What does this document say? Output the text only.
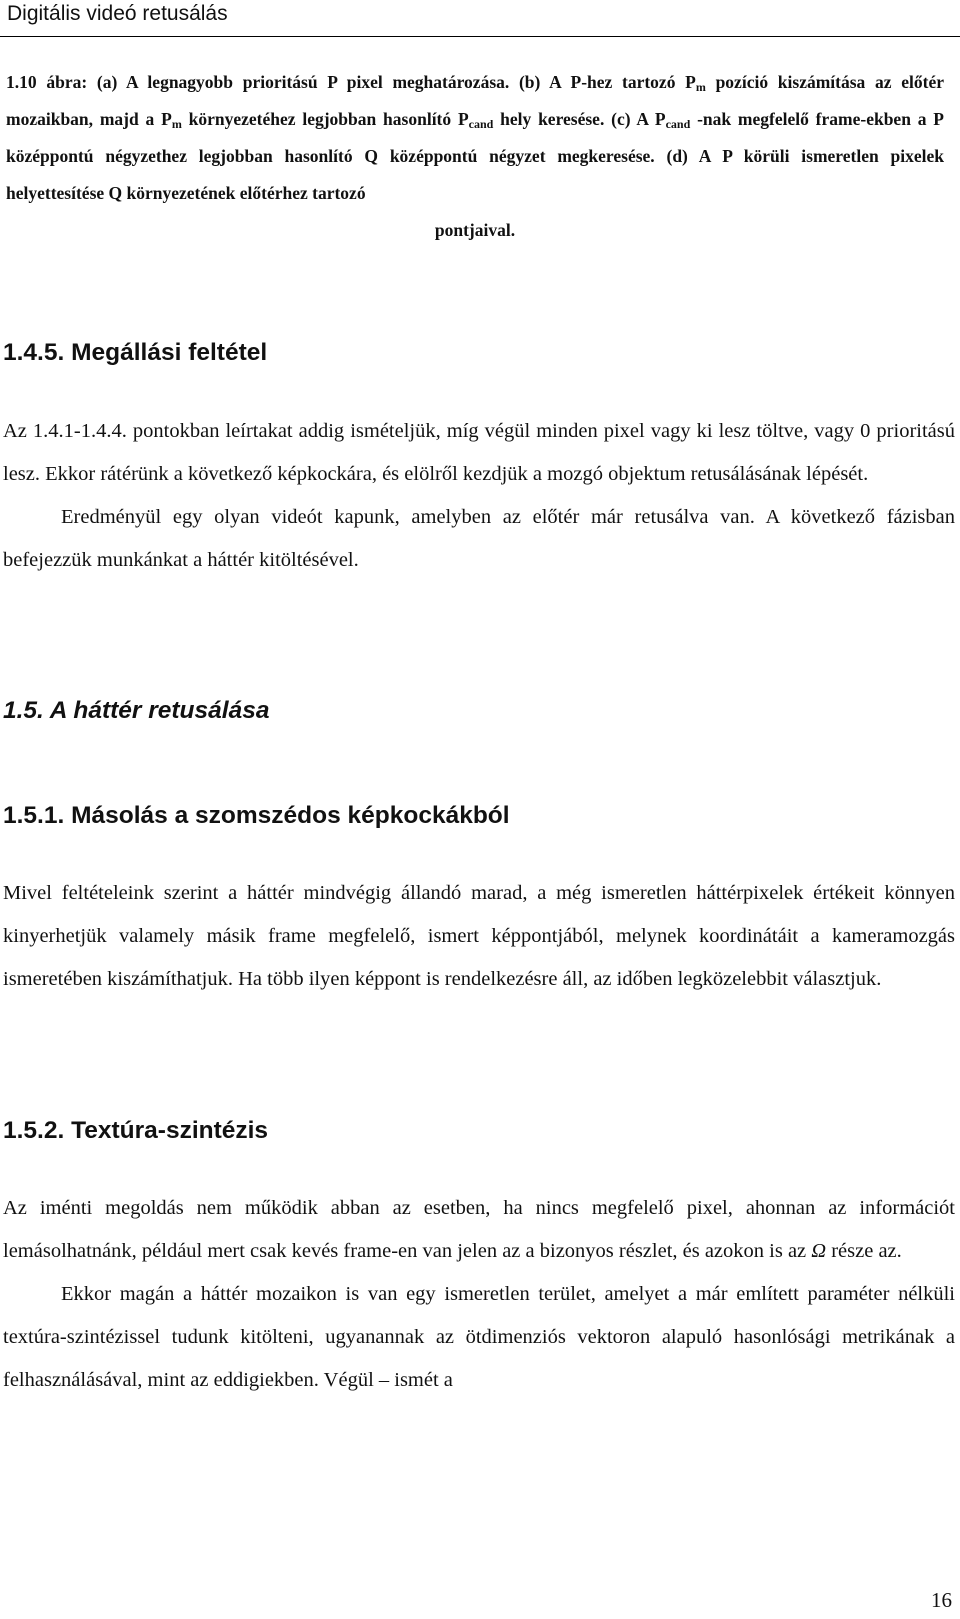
Digitális videó retusálás
1.10 ábra: (a) A legnagyobb prioritású P pixel meghatározása. (b) A P-hez tartozó $P_m$ pozíció kiszámítása az előtér mozaikban, majd a $P_m$ környezetéhez legjobban hasonlító $P_{cand}$ hely keresése. (c) A $P_{cand}$ -nak megfelelő frame-ekben a P középpontú négyzethez legjobban hasonlító Q középpontú négyzet megkeresése. (d) A P körüli ismeretlen pixelek helyettesítése Q környezetének előtérhez tartozó
pontjaival.
1.4.5. Megállási feltétel

Az 1.4.1-1.4.4. pontokban leírtakat addig ismételjük, míg végül minden pixel vagy ki lesz töltve, vagy 0 prioritású lesz. Ekkor rátérünk a következő képkockára, és elölről kezdjük a mozgó objektum retusálásának lépését.

Eredményül egy olyan videót kapunk, amelyben az előtér már retusálva van. A következő fázisban befejezzük munkánkat a háttér kitöltésével.

1.5. A háttér retusálása
1.5.1. Másolás a szomszédos képkockákból

Mivel feltételeink szerint a háttér mindvégig állandó marad, a még ismeretlen háttérpixelek értékeit könnyen kinyerhetjük valamely másik frame megfelelő, ismert képpontjából, melynek koordinátáit a kameramozgás ismeretében kiszámíthatjuk. Ha több ilyen képpont is rendelkezésre áll, az időben legközelebbit választjuk.

1.5.2. Textúra-szintézis

Az iménti megoldás nem működik abban az esetben, ha nincs megfelelő pixel, ahonnan az információt lemásolhatnánk, például mert csak kevés frame-en van jelen az a bizonyos részlet, és azokon is az Ω része az.

Ekkor magán a háttér mozaikon is van egy ismeretlen terület, amelyet a már említett paraméter nélküli textúra-szintézissel tudunk kitölteni, ugyanannak az ötdimenziós vektoron alapuló hasonlósági metrikának a felhasználásával, mint az eddigiekben. Végül – ismét a

16
